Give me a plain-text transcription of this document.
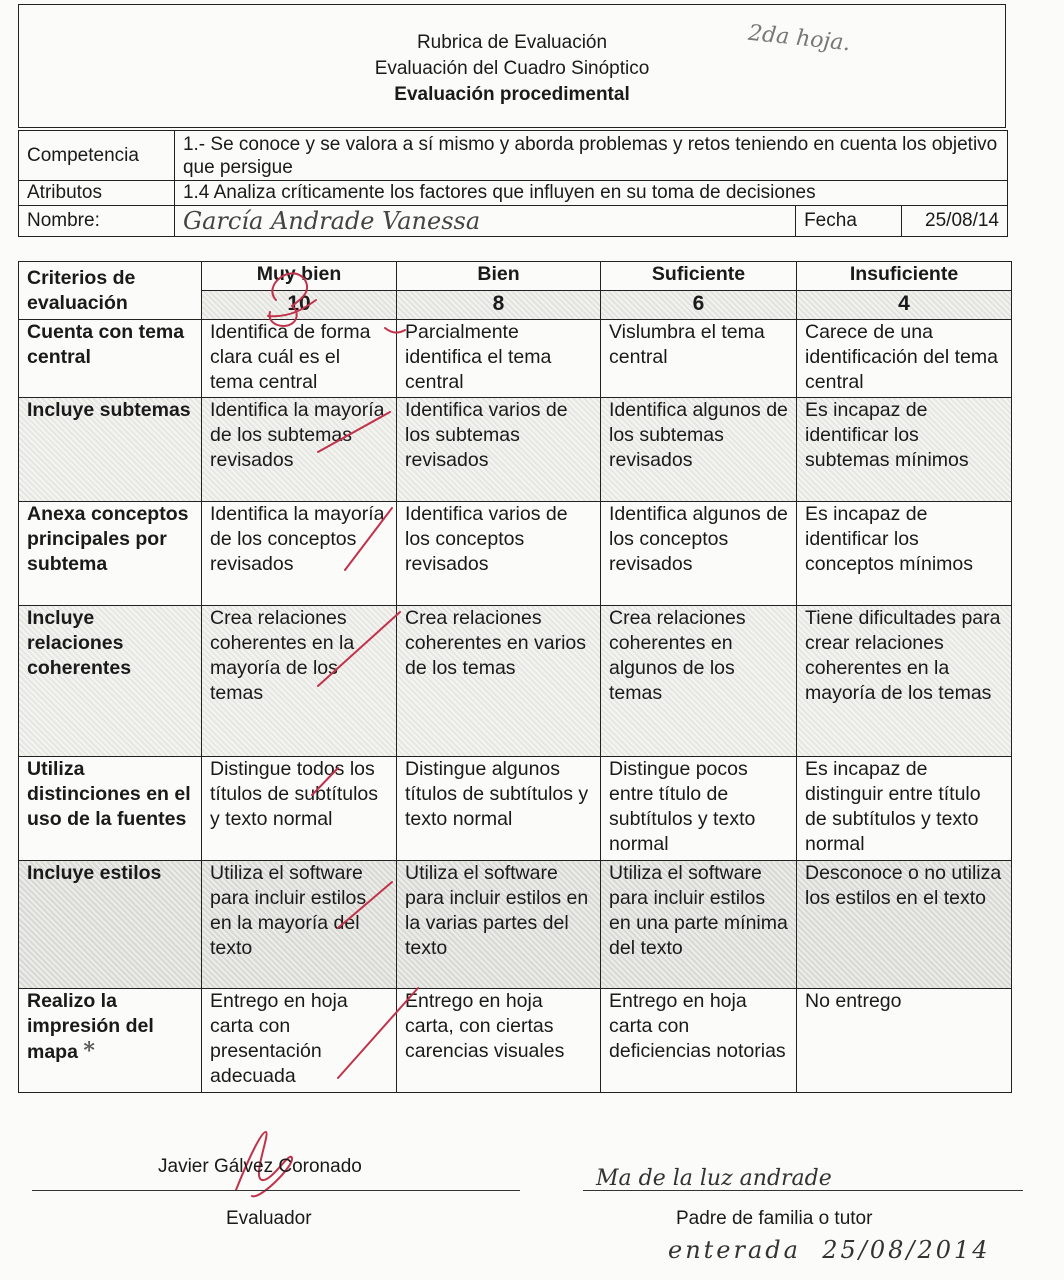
Rubrica de Evaluación
Evaluación del Cuadro Sinóptico
Evaluación procedimental
2da hoja.
Competencia	1.- Se conoce y se valora a sí mismo y aborda problemas y retos teniendo en cuenta los objetivo que persigue		
Atributos	1.4 Analiza críticamente los factores que influyen en su toma de decisiones		
Nombre:	García Andrade Vanessa	Fecha	25/08/14
Criterios de evaluación	Muy bien	Bien	Suficiente	Insuficiente
	10	8	6	4
Cuenta con tema central	Identifica de forma clara cuál es el tema central	Parcialmente identifica el tema central	Vislumbra el tema central	Carece de una identificación del tema central
Incluye subtemas	Identifica la mayoría de los subtemas revisados	Identifica varios de los subtemas revisados	Identifica algunos de los subtemas revisados	Es incapaz de identificar los subtemas mínimos
Anexa conceptos principales por subtema	Identifica la mayoría de los conceptos revisados	Identifica varios de los conceptos revisados	Identifica algunos de los conceptos revisados	Es incapaz de identificar los conceptos mínimos
Incluye relaciones coherentes	Crea relaciones coherentes en la mayoría de los temas	Crea relaciones coherentes en varios de los temas	Crea relaciones coherentes en algunos de los temas	Tiene dificultades para crear relaciones coherentes en la mayoría de los temas
Utiliza distinciones en el uso de la fuentes	Distingue todos los títulos de subtítulos y texto normal	Distingue algunos títulos de subtítulos y texto normal	Distingue pocos entre título de subtítulos y texto normal	Es incapaz de distinguir entre título de subtítulos y texto normal
Incluye estilos	Utiliza el software para incluir estilos en la mayoría del texto	Utiliza el software para incluir estilos en la varias partes del texto	Utiliza el software para incluir estilos en una parte mínima del texto	Desconoce o no utiliza los estilos en el texto
Realizo la impresión del mapa *	Entrego en hoja carta con presentación adecuada	Entrego en hoja carta, con ciertas carencias visuales	Entrego en hoja carta con deficiencias notorias	No entrego
Javier Gálvez Coronado
Evaluador
Ma de la luz andrade
Padre de familia o tutor
enterada  25/08/2014
